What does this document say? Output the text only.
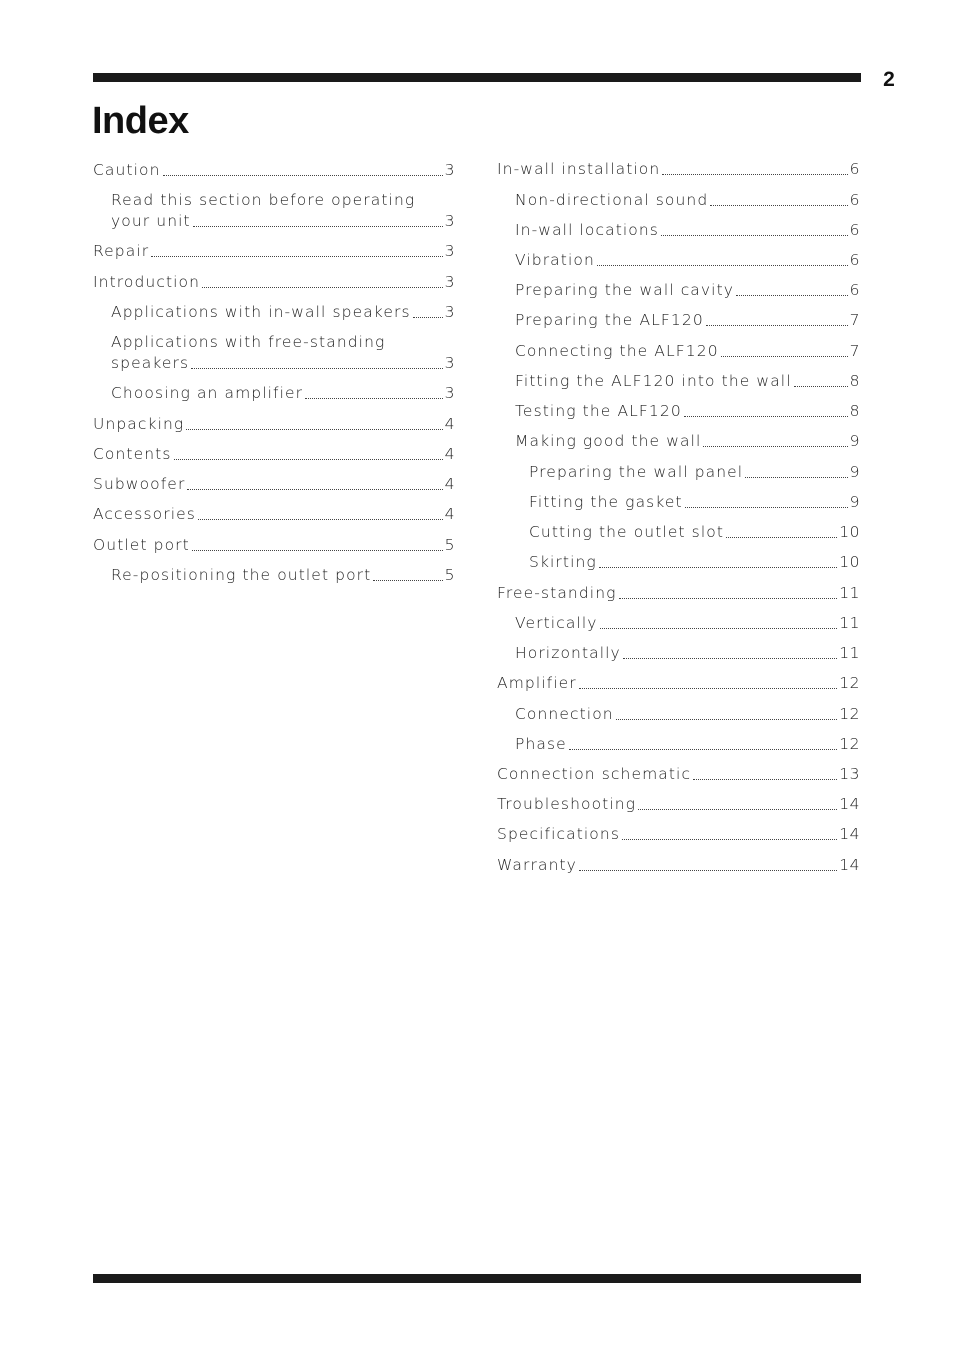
2
Index
Caution	3
Read this section before operating
your unit	3
Repair	3
Introduction	3
Applications with in-wall speakers 3
Applications with free-standing
speakers	3
Choosing an amplifier	3
Unpacking	4
Contents	4
Subwoofer	4
Accessories	4
Outlet port	5
Re-positioning the outlet port	5
In-wall installation	6
Non-directional sound	6
In-wall locations	6
Vibration	6
Preparing the wall cavity	6
Preparing the ALF120	7
Connecting the ALF120	7
Fitting the ALF120 into the wall	8
Testing the ALF120	8
Making good the wall	9
Preparing the wall panel	9
Fitting the gasket	9
Cutting the outlet slot	10
Skirting	10
Free-standing	11
Vertically	11
Horizontally	11
Amplifier	12
Connection	12
Phase	12
Connection schematic	13
Troubleshooting	14
Specifications	14
Warranty	14
